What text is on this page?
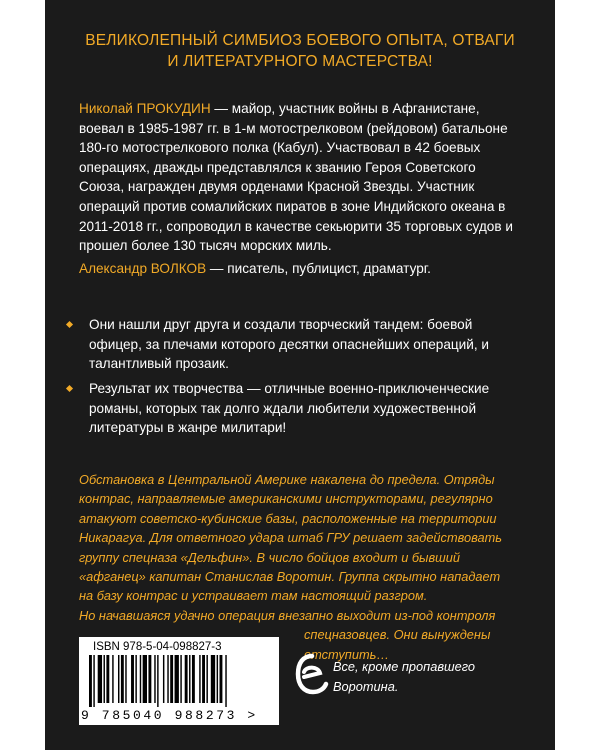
ВЕЛИКОЛЕПНЫЙ СИМБИОЗ БОЕВОГО ОПЫТА, ОТВАГИ
И ЛИТЕРАТУРНОГО МАСТЕРСТВА!
Николай ПРОКУДИН — майор, участник войны в Афганистане, воевал в 1985-1987 гг. в 1-м мотострелковом (рейдовом) батальоне 180-го мотострелкового полка (Кабул). Участвовал в 42 боевых операциях, дважды представлялся к званию Героя Советского Союза, награжден двумя орденами Красной Звезды. Участник операций против сомалийских пиратов в зоне Индийского океана в 2011-2018 гг., сопроводил в качестве секьюрити 35 торговых судов и прошел более 130 тысяч морских миль.
Александр ВОЛКОВ — писатель, публицист, драматург.
Они нашли друг друга и создали творческий тандем: боевой офицер, за плечами которого десятки опаснейших операций, и талантливый прозаик.
Результат их творчества — отличные военно-приключенческие романы, которых так долго ждали любители художественной литературы в жанре милитари!
Обстановка в Центральной Америке накалена до предела. Отряды
контрас, направляемые американскими инструкторами, регулярно
атакуют советско-кубинские базы, расположенные на территории
Никарагуа. Для ответного удара штаб ГРУ решает задействовать
группу спецназа «Дельфин». В число бойцов входит и бывший
«афганец» капитан Станислав Воротин. Группа скрытно нападает
на базу контрас и устраивает там настоящий разгром.
Но начавшаяся удачно операция внезапно выходит из-под контроля
спецназовцев. Они вынуждены
отступить…
ISBN 978-5-04-098827-3
9 785040 988273 >
Все, кроме пропавшего
Воротина.
